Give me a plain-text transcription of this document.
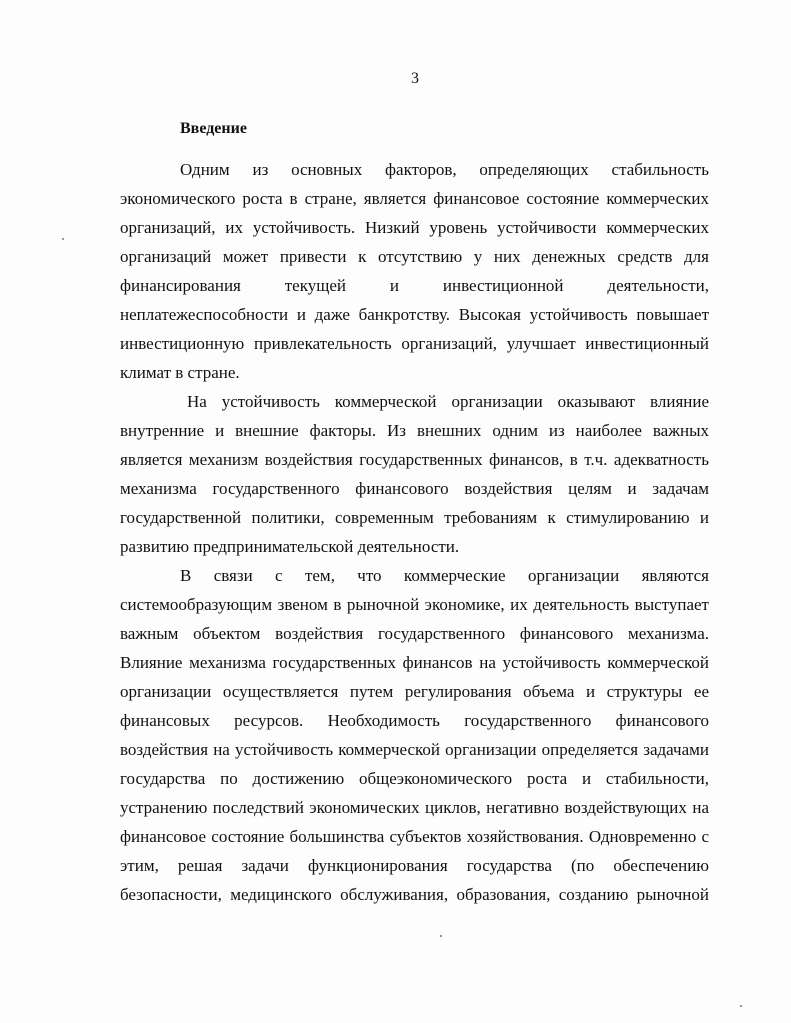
3
Введение
Одним из основных факторов, определяющих стабильность
экономического роста в стране, является финансовое состояние коммерческих
организаций, их устойчивость. Низкий уровень устойчивости коммерческих
организаций может привести к отсутствию у них денежных средств для
финансирования текущей и инвестиционной деятельности,
неплатежеспособности и даже банкротству. Высокая устойчивость повышает
инвестиционную привлекательность организаций, улучшает инвестиционный
климат в стране.
На устойчивость коммерческой организации оказывают влияние
внутренние и внешние факторы. Из внешних одним из наиболее важных
является механизм воздействия государственных финансов, в т.ч. адекватность
механизма государственного финансового воздействия целям и задачам
государственной политики, современным требованиям к стимулированию и
развитию предпринимательской деятельности.
В связи с тем, что коммерческие организации являются
системообразующим звеном в рыночной экономике, их деятельность выступает
важным объектом воздействия государственного финансового механизма.
Влияние механизма государственных финансов на устойчивость коммерческой
организации осуществляется путем регулирования объема и структуры ее
финансовых ресурсов. Необходимость государственного финансового
воздействия на устойчивость коммерческой организации определяется задачами
государства по достижению общеэкономического роста и стабильности,
устранению последствий экономических циклов, негативно воздействующих на
финансовое состояние большинства субъектов хозяйствования. Одновременно с
этим, решая задачи функционирования государства (по обеспечению
безопасности, медицинского обслуживания, образования, созданию рыночной
